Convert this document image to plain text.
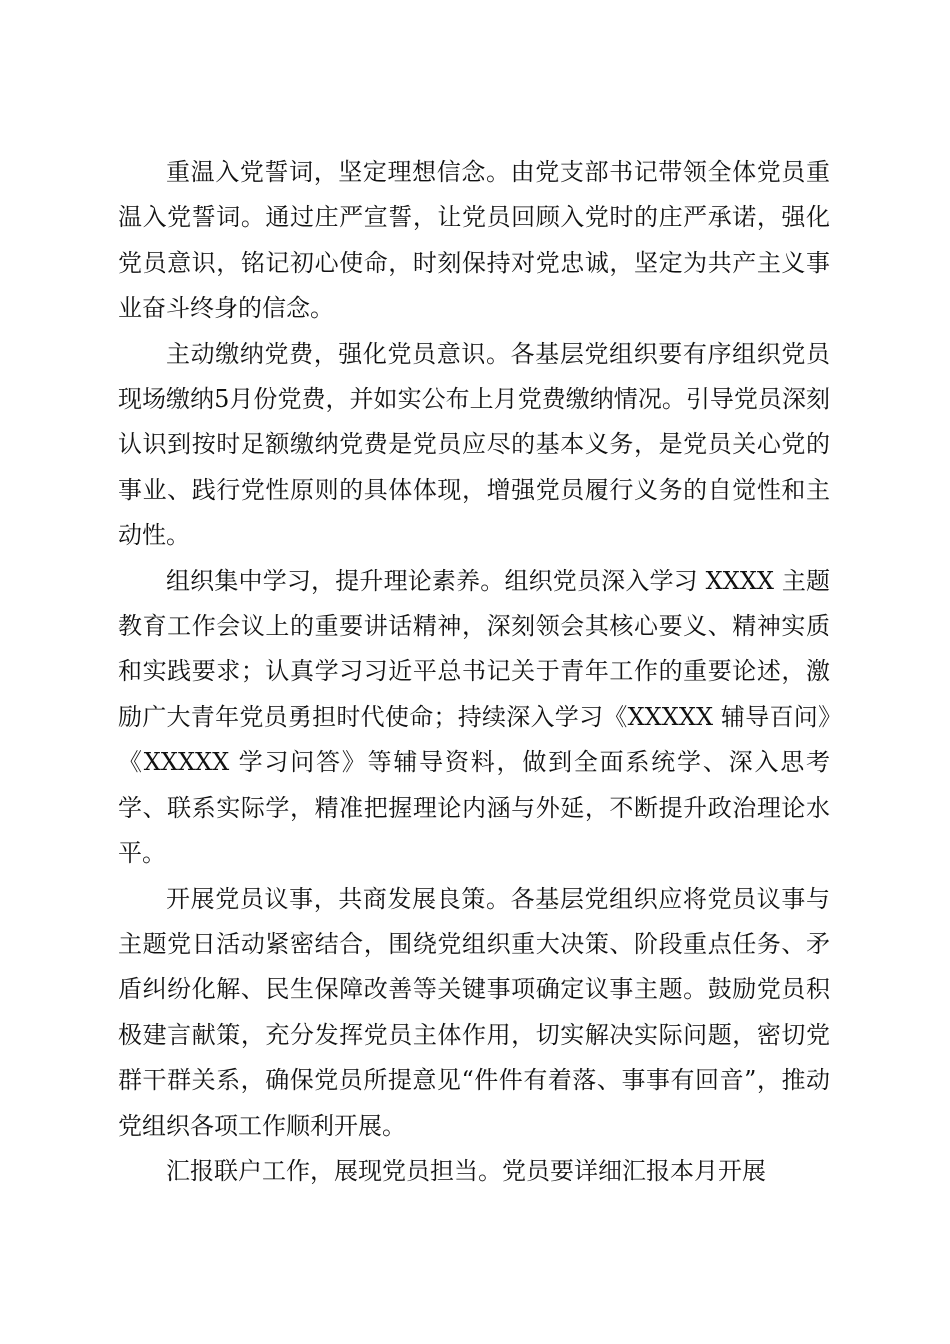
重温入党誓词，坚定理想信念。由党支部书记带领全体党员重温入党誓词。通过庄严宣誓，让党员回顾入党时的庄严承诺，强化党员意识，铭记初心使命，时刻保持对党忠诚，坚定为共产主义事业奋斗终身的信念。

主动缴纳党费，强化党员意识。各基层党组织要有序组织党员现场缴纳5月份党费，并如实公布上月党费缴纳情况。引导党员深刻认识到按时足额缴纳党费是党员应尽的基本义务，是党员关心党的事业、践行党性原则的具体体现，增强党员履行义务的自觉性和主动性。

组织集中学习，提升理论素养。组织党员深入学习 XXXX 主题教育工作会议上的重要讲话精神，深刻领会其核心要义、精神实质和实践要求；认真学习习近平总书记关于青年工作的重要论述，激励广大青年党员勇担时代使命；持续深入学习《XXXXX 辅导百问》《XXXXX 学习问答》等辅导资料，做到全面系统学、深入思考学、联系实际学，精准把握理论内涵与外延，不断提升政治理论水平。

开展党员议事，共商发展良策。各基层党组织应将党员议事与主题党日活动紧密结合，围绕党组织重大决策、阶段重点任务、矛盾纠纷化解、民生保障改善等关键事项确定议事主题。鼓励党员积极建言献策，充分发挥党员主体作用，切实解决实际问题，密切党群干群关系，确保党员所提意见“件件有着落、事事有回音”，推动党组织各项工作顺利开展。

汇报联户工作，展现党员担当。党员要详细汇报本月开展
